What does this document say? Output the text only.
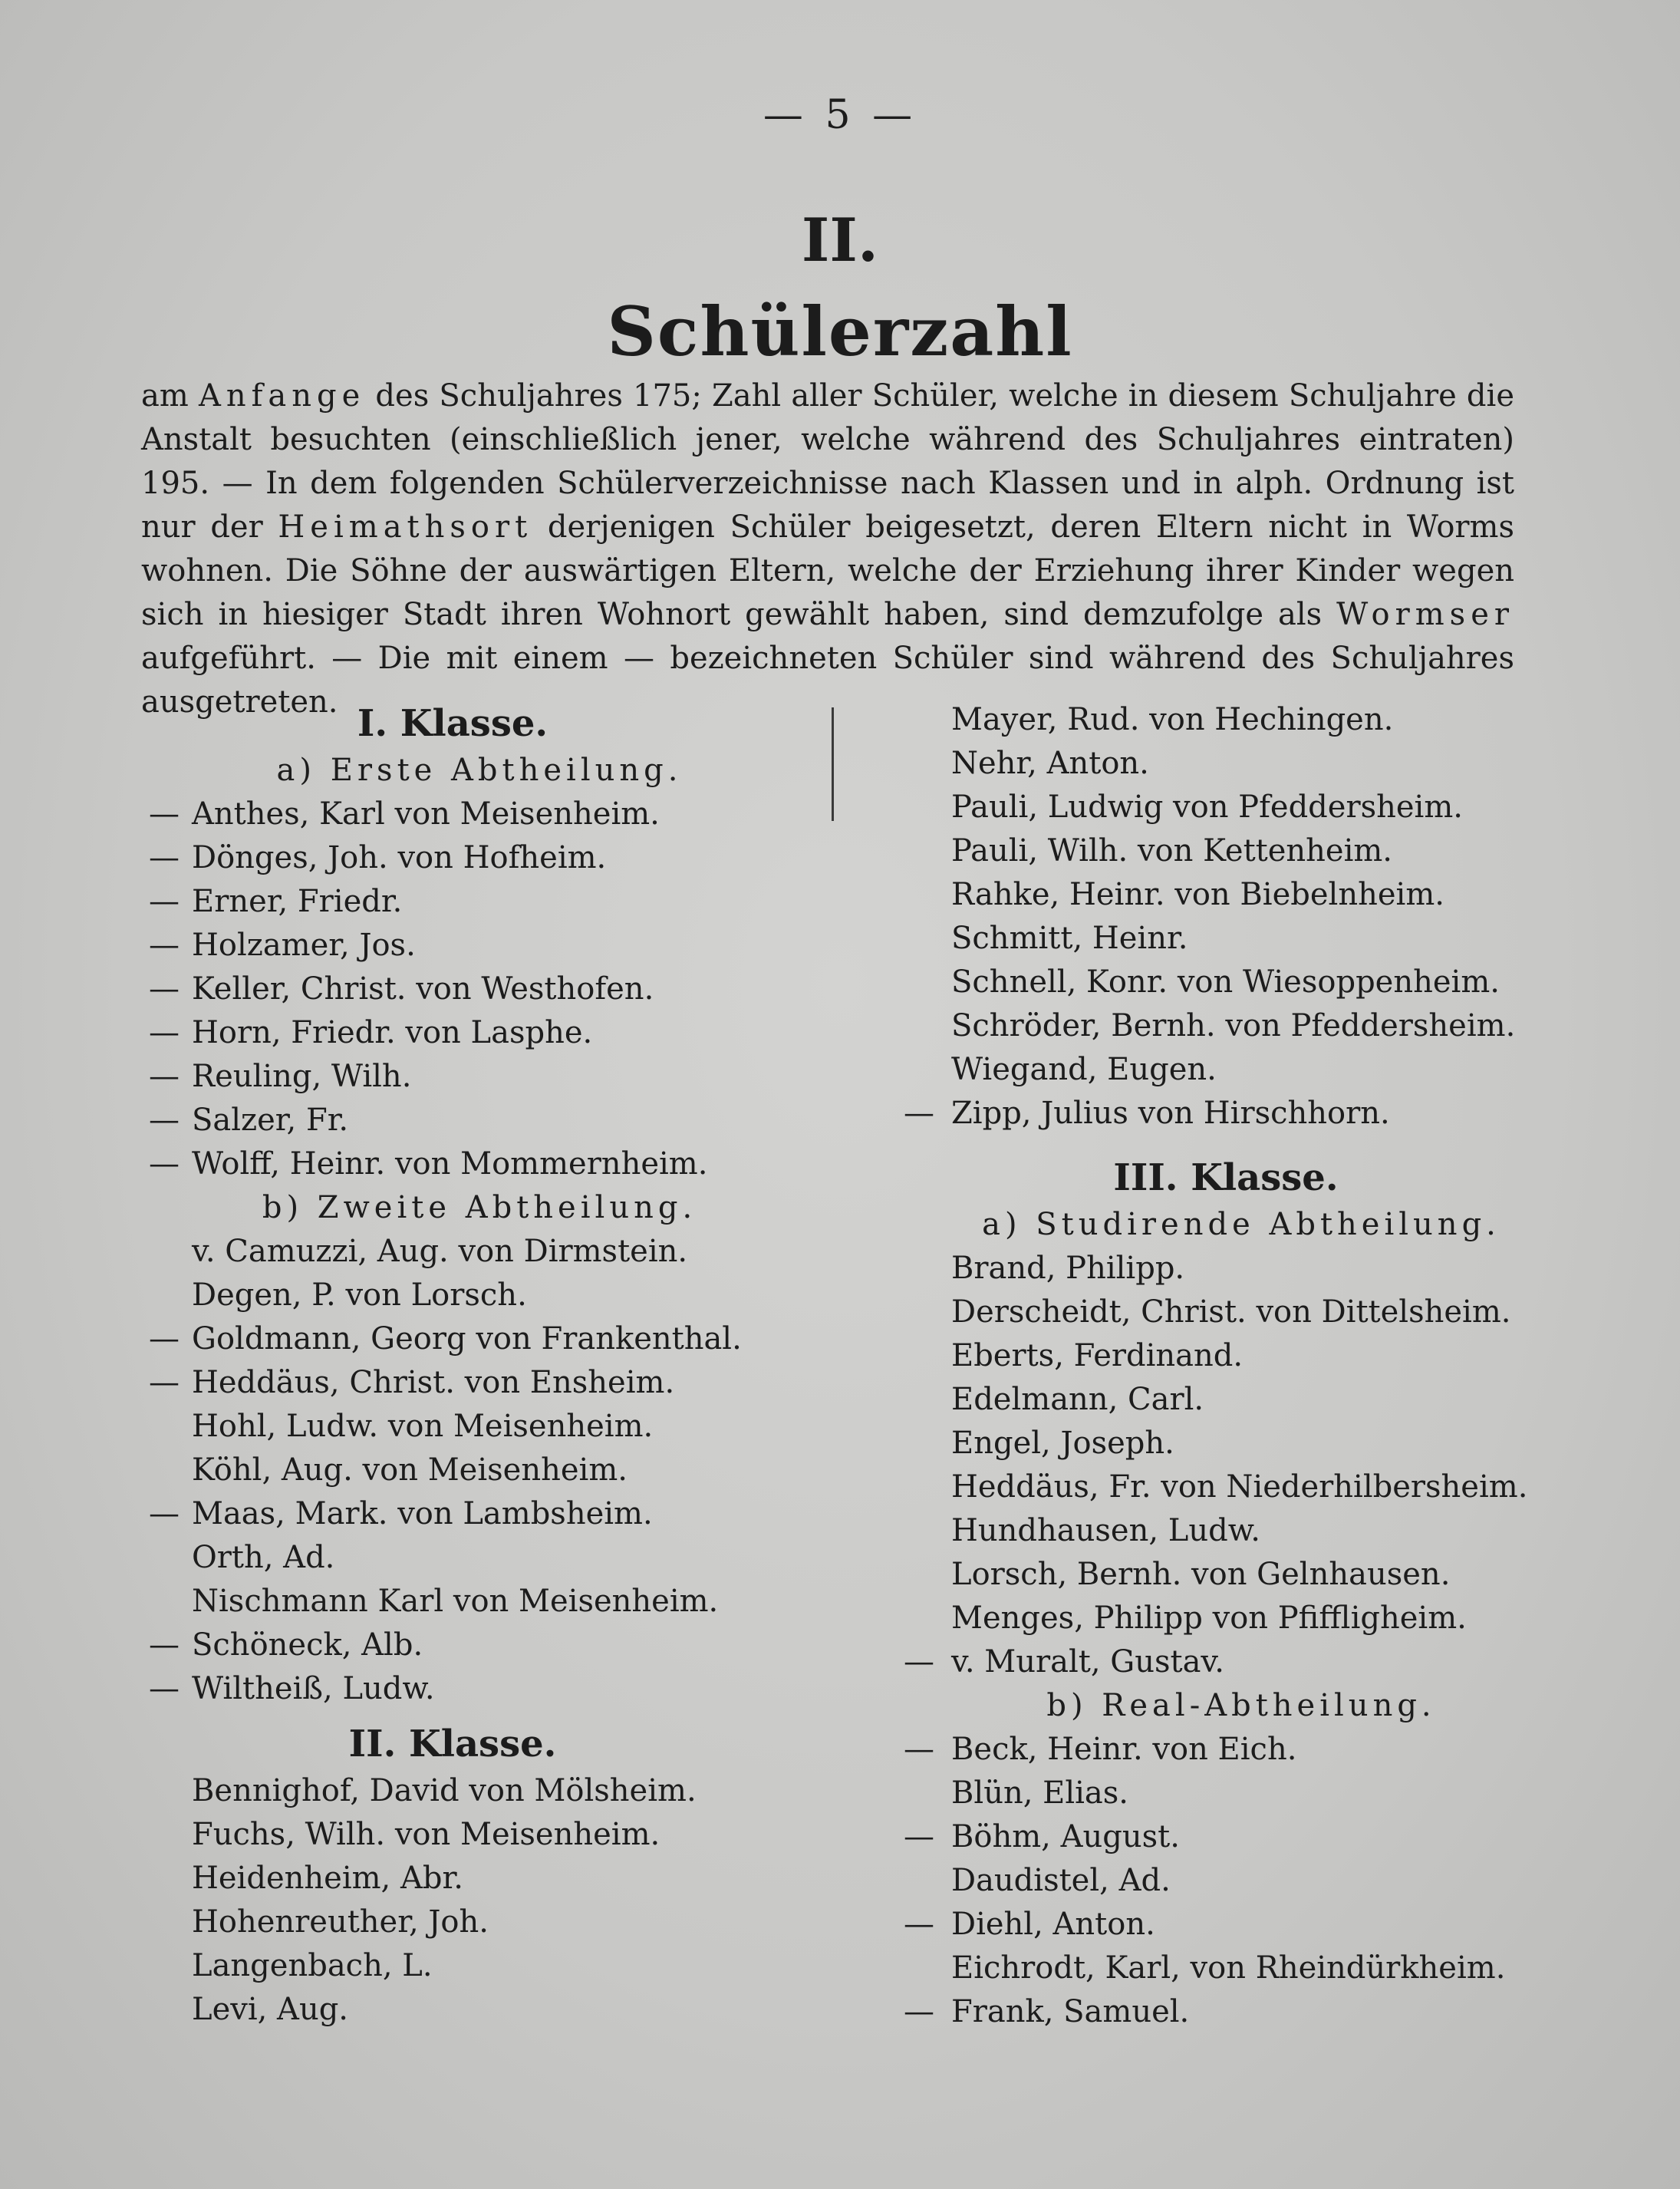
— 5 —
II.
Schülerzahl

am Anfange des Schuljahres 175; Zahl aller Schüler, welche in diesem Schuljahre die Anstalt besuchten (einschließlich jener, welche während des Schuljahres eintraten) 195. — In dem folgenden Schülerverzeichnisse nach Klassen und in alph. Ordnung ist nur der Heimathsort derjenigen Schüler beigesetzt, deren Eltern nicht in Worms wohnen. Die Söhne der auswärtigen Eltern, welche der Erziehung ihrer Kinder wegen sich in hiesiger Stadt ihren Wohnort gewählt haben, sind demzufolge als Wormser aufgeführt. — Die mit einem — bezeichneten Schüler sind während des Schuljahres ausgetreten. I. Klasse.
a) Erste Abtheilung.
— Anthes, Karl von Meisenheim.
— Dönges, Joh. von Hofheim.
— Erner, Friedr.
— Holzamer, Jos.
— Keller, Christ. von Westhofen.
— Horn, Friedr. von Lasphe.
— Reuling, Wilh.
— Salzer, Fr.
— Wolff, Heinr. von Mommernheim.
b) Zweite Abtheilung.
v. Camuzzi, Aug. von Dirmstein.
Degen, P. von Lorsch.
— Goldmann, Georg von Frankenthal.
— Heddäus, Christ. von Ensheim.
Hohl, Ludw. von Meisenheim.
Köhl, Aug. von Meisenheim.
— Maas, Mark. von Lambsheim.
Orth, Ad.
Nischmann Karl von Meisenheim.
— Schöneck, Alb.
— Wiltheiß, Ludw.
II. Klasse.
Bennighof, David von Mölsheim.
Fuchs, Wilh. von Meisenheim.
Heidenheim, Abr.
Hohenreuther, Joh.
Langenbach, L.
Levi, Aug.
Mayer, Rud. von Hechingen.
Nehr, Anton.
Pauli, Ludwig von Pfeddersheim.
Pauli, Wilh. von Kettenheim.
Rahke, Heinr. von Biebelnheim.
Schmitt, Heinr.
Schnell, Konr. von Wiesoppenheim.
Schröder, Bernh. von Pfeddersheim.
Wiegand, Eugen.
— Zipp, Julius von Hirschhorn.
III. Klasse.
a) Studirende Abtheilung.
Brand, Philipp.
Derscheidt, Christ. von Dittelsheim.
Eberts, Ferdinand.
Edelmann, Carl.
Engel, Joseph.
Heddäus, Fr. von Niederhilbersheim.
Hundhausen, Ludw.
Lorsch, Bernh. von Gelnhausen.
Menges, Philipp von Pfiffligheim.
— v. Muralt, Gustav.
b) Real-Abtheilung.
— Beck, Heinr. von Eich.
Blün, Elias.
— Böhm, August.
Daudistel, Ad.
— Diehl, Anton.
Eichrodt, Karl, von Rheindürkheim.
— Frank, Samuel.
